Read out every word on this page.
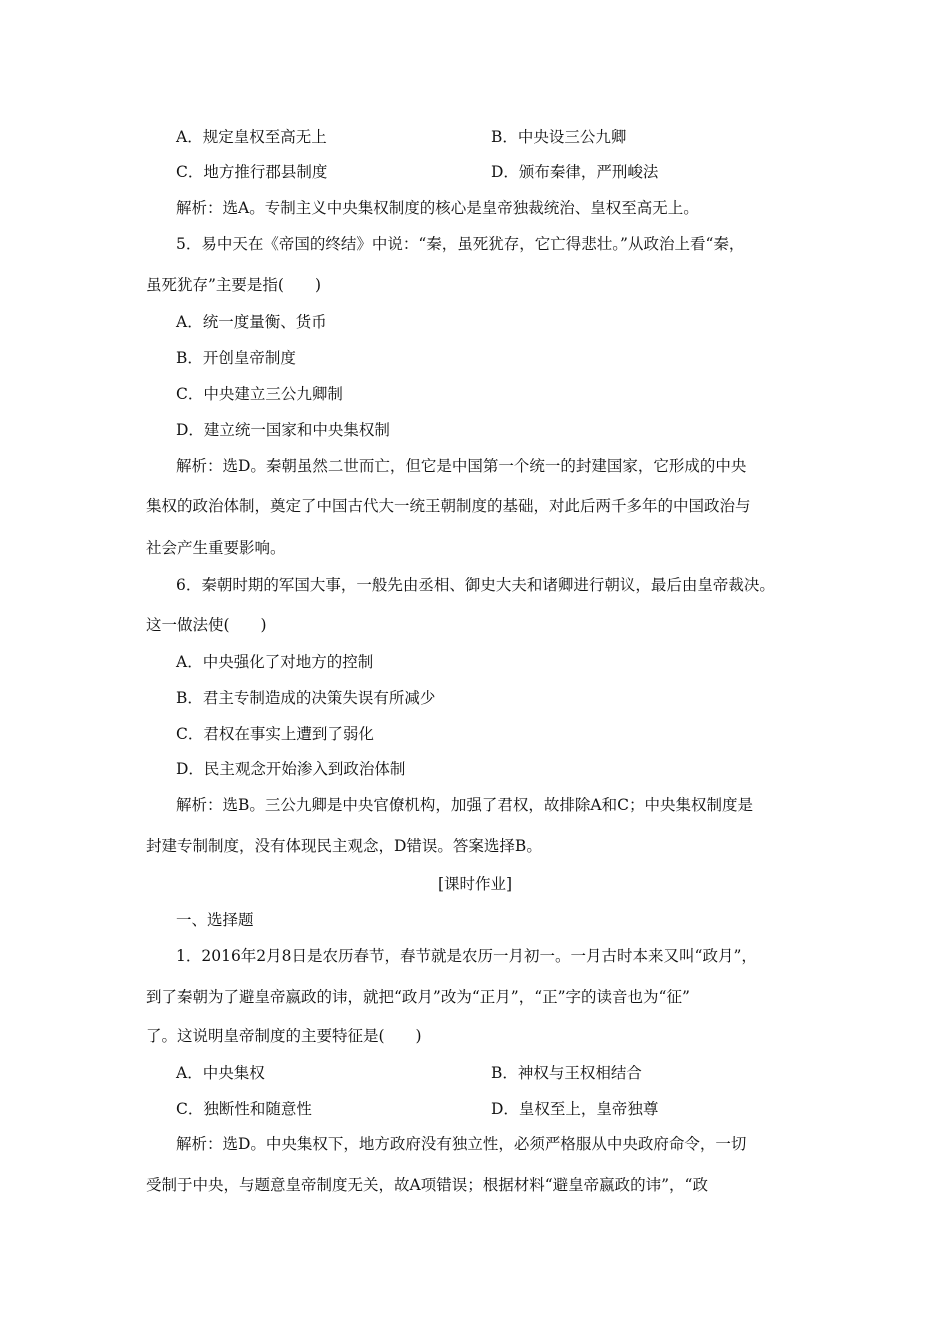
A．规定皇权至高无上	B．中央设三公九卿
C．地方推行郡县制度	D．颁布秦律，严刑峻法
解析：选A。专制主义中央集权制度的核心是皇帝独裁统治、皇权至高无上。
5．易中天在《帝国的终结》中说：“秦，虽死犹存，它亡得悲壮。”从政治上看“秦，
虽死犹存”主要是指(　　)
A．统一度量衡、货币
B．开创皇帝制度
C．中央建立三公九卿制
D．建立统一国家和中央集权制
解析：选D。秦朝虽然二世而亡，但它是中国第一个统一的封建国家，它形成的中央
集权的政治体制，奠定了中国古代大一统王朝制度的基础，对此后两千多年的中国政治与
社会产生重要影响。
6．秦朝时期的军国大事，一般先由丞相、御史大夫和诸卿进行朝议，最后由皇帝裁决。
这一做法使(　　)
A．中央强化了对地方的控制
B．君主专制造成的决策失误有所减少
C．君权在事实上遭到了弱化
D．民主观念开始渗入到政治体制
解析：选B。三公九卿是中央官僚机构，加强了君权，故排除A和C；中央集权制度是
封建专制制度，没有体现民主观念，D错误。答案选择B。
[课时作业]
一、选择题
1．2016年2月8日是农历春节，春节就是农历一月初一。一月古时本来又叫“政月”，
到了秦朝为了避皇帝嬴政的讳，就把“政月”改为“正月”，“正”字的读音也为“征”
了。这说明皇帝制度的主要特征是(　　)
A．中央集权	B．神权与王权相结合
C．独断性和随意性	D．皇权至上，皇帝独尊
解析：选D。中央集权下，地方政府没有独立性，必须严格服从中央政府命令，一切
受制于中央，与题意皇帝制度无关，故A项错误；根据材料“避皇帝嬴政的讳”，“政
